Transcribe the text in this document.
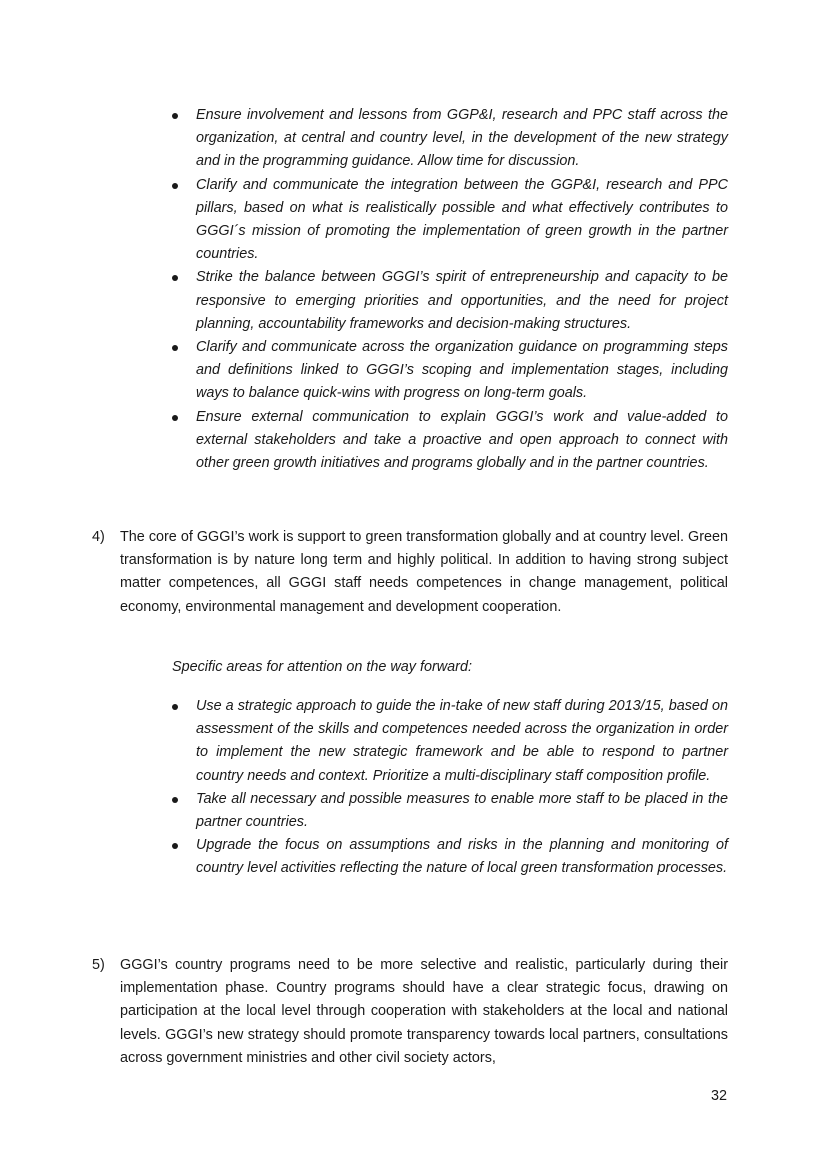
Ensure involvement and lessons from GGP&I, research and PPC staff across the organization, at central and country level, in the development of the new strategy and in the programming guidance. Allow time for discussion.
Clarify and communicate the integration between the GGP&I, research and PPC pillars, based on what is realistically possible and what effectively contributes to GGGI´s mission of promoting the implementation of green growth in the partner countries.
Strike the balance between GGGI’s spirit of entrepreneurship and capacity to be responsive to emerging priorities and opportunities, and the need for project planning, accountability frameworks and decision-making structures.
Clarify and communicate across the organization guidance on programming steps and definitions linked to GGGI’s scoping and implementation stages, including ways to balance quick-wins with progress on long-term goals.
Ensure external communication to explain GGGI’s work and value-added to external stakeholders and take a proactive and open approach to connect with other green growth initiatives and programs globally and in the partner countries.
4)	The core of GGGI’s work is support to green transformation globally and at country level. Green transformation is by nature long term and highly political. In addition to having strong subject matter competences, all GGGI staff needs competences in change management, political economy, environmental management and development cooperation.
Specific areas for attention on the way forward:
Use a strategic approach to guide the in-take of new staff during 2013/15, based on assessment of the skills and competences needed across the organization in order to implement the new strategic framework and be able to respond to partner country needs and context. Prioritize a multi-disciplinary staff composition profile.
Take all necessary and possible measures to enable more staff to be placed in the partner countries.
Upgrade the focus on assumptions and risks in the planning and monitoring of country level activities reflecting the nature of local green transformation processes.
5)	GGGI’s country programs need to be more selective and realistic, particularly during their implementation phase. Country programs should have a clear strategic focus, drawing on participation at the local level through cooperation with stakeholders at the local and national levels. GGGI’s new strategy should promote transparency towards local partners, consultations across government ministries and other civil society actors,
32
